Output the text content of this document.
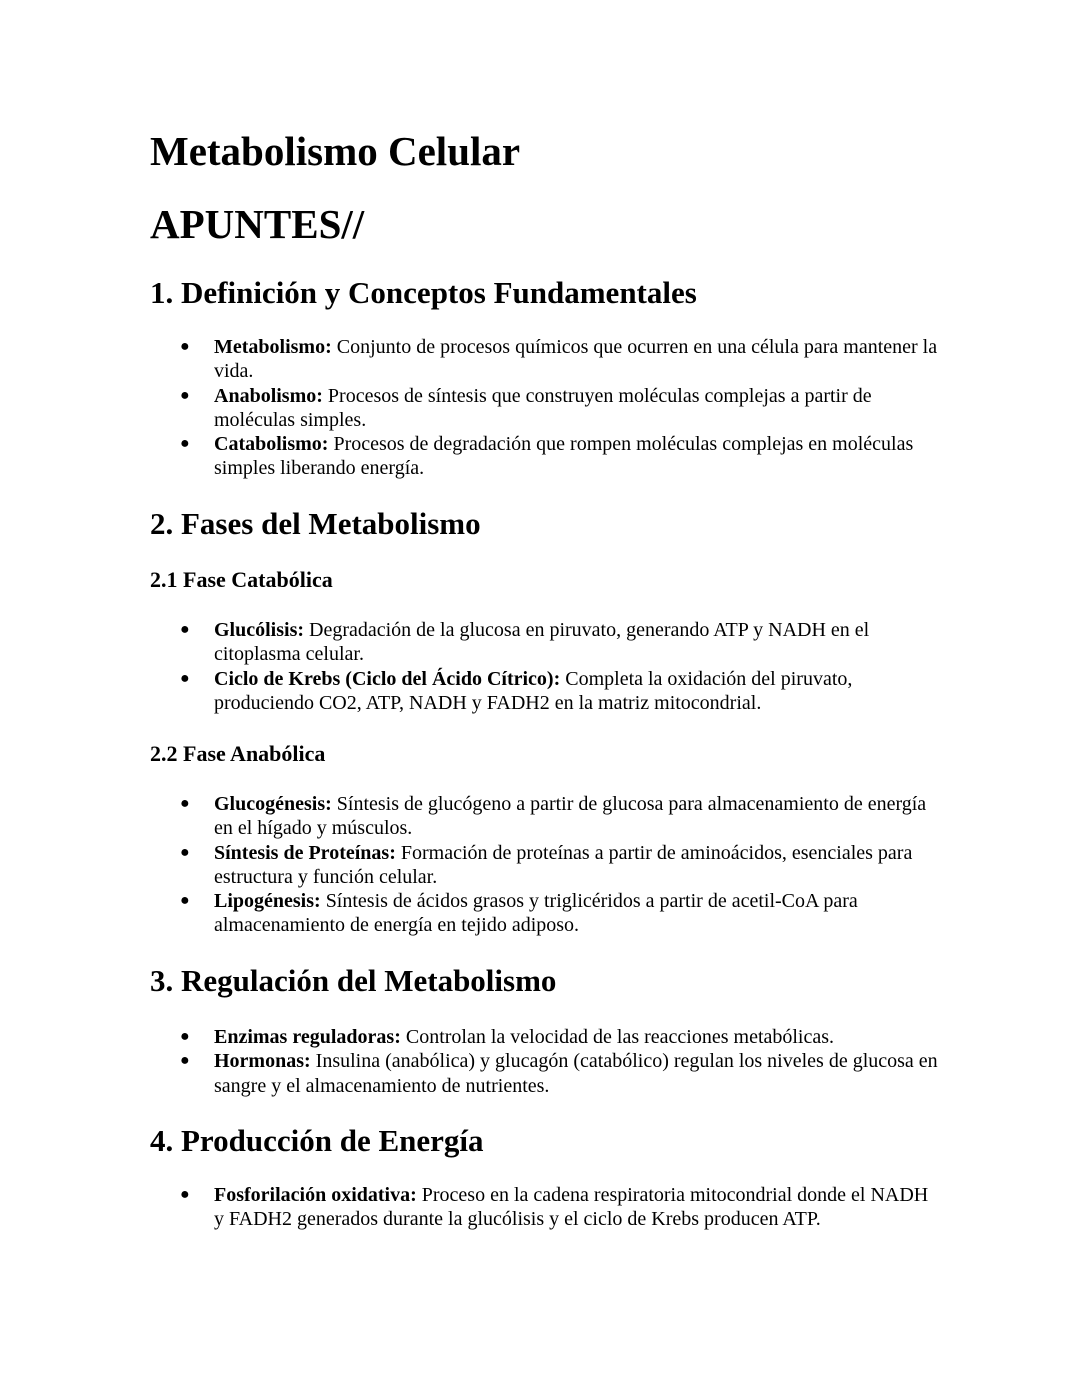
Metabolismo Celular
APUNTES//
1. Definición y Conceptos Fundamentales
● Metabolismo: Conjunto de procesos químicos que ocurren en una célula para mantener la vida.
● Anabolismo: Procesos de síntesis que construyen moléculas complejas a partir de moléculas simples.
● Catabolismo: Procesos de degradación que rompen moléculas complejas en moléculas simples liberando energía.
2. Fases del Metabolismo
2.1 Fase Catabólica
● Glucólisis: Degradación de la glucosa en piruvato, generando ATP y NADH en el citoplasma celular.
● Ciclo de Krebs (Ciclo del Ácido Cítrico): Completa la oxidación del piruvato, produciendo CO2, ATP, NADH y FADH2 en la matriz mitocondrial.
2.2 Fase Anabólica
● Glucogénesis: Síntesis de glucógeno a partir de glucosa para almacenamiento de energía en el hígado y músculos.
● Síntesis de Proteínas: Formación de proteínas a partir de aminoácidos, esenciales para estructura y función celular.
● Lipogénesis: Síntesis de ácidos grasos y triglicéridos a partir de acetil-CoA para almacenamiento de energía en tejido adiposo.
3. Regulación del Metabolismo
● Enzimas reguladoras: Controlan la velocidad de las reacciones metabólicas.
● Hormonas: Insulina (anabólica) y glucagón (catabólico) regulan los niveles de glucosa en sangre y el almacenamiento de nutrientes.
4. Producción de Energía
● Fosforilación oxidativa: Proceso en la cadena respiratoria mitocondrial donde el NADH y FADH2 generados durante la glucólisis y el ciclo de Krebs producen ATP.
